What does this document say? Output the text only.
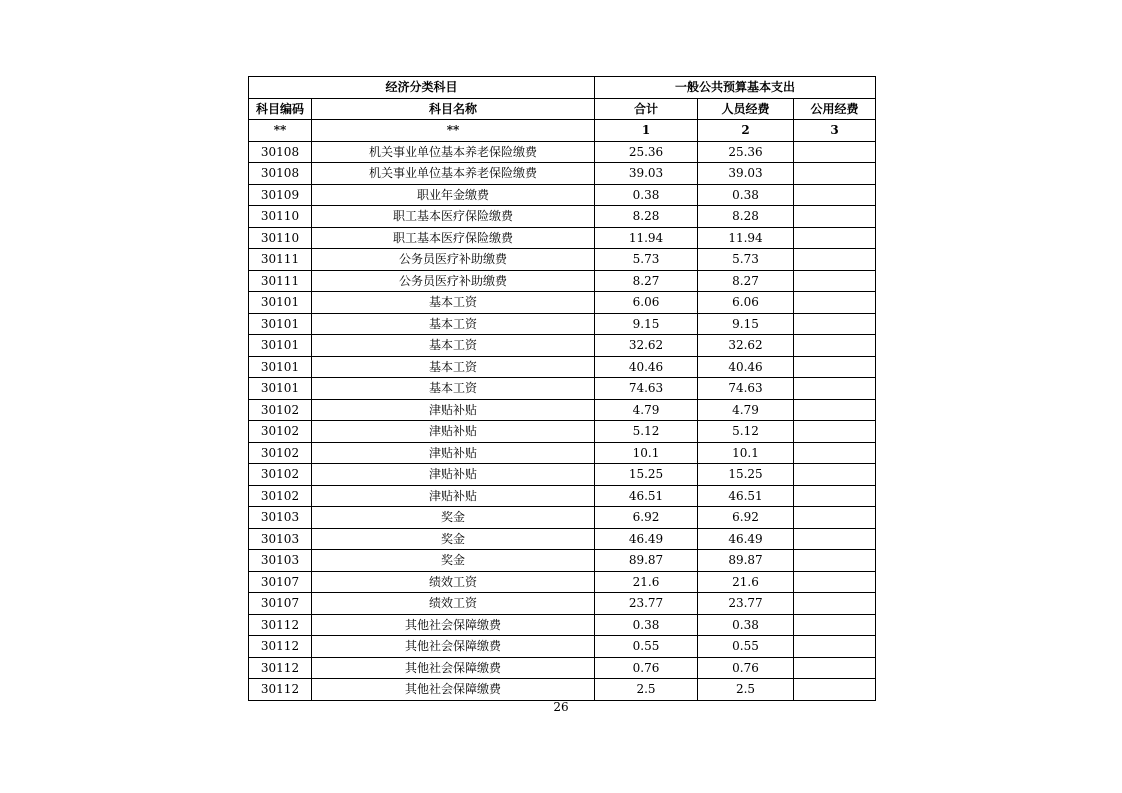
经济分类科目		一般公共预算基本支出		
科目编码	科目名称	合计	人员经费	公用经费
**	**	1	2	3
30108	机关事业单位基本养老保险缴费	25.36	25.36	
30108	机关事业单位基本养老保险缴费	39.03	39.03	
30109	职业年金缴费	0.38	0.38	
30110	职工基本医疗保险缴费	8.28	8.28	
30110	职工基本医疗保险缴费	11.94	11.94	
30111	公务员医疗补助缴费	5.73	5.73	
30111	公务员医疗补助缴费	8.27	8.27	
30101	基本工资	6.06	6.06	
30101	基本工资	9.15	9.15	
30101	基本工资	32.62	32.62	
30101	基本工资	40.46	40.46	
30101	基本工资	74.63	74.63	
30102	津贴补贴	4.79	4.79	
30102	津贴补贴	5.12	5.12	
30102	津贴补贴	10.1	10.1	
30102	津贴补贴	15.25	15.25	
30102	津贴补贴	46.51	46.51	
30103	奖金	6.92	6.92	
30103	奖金	46.49	46.49	
30103	奖金	89.87	89.87	
30107	绩效工资	21.6	21.6	
30107	绩效工资	23.77	23.77	
30112	其他社会保障缴费	0.38	0.38	
30112	其他社会保障缴费	0.55	0.55	
30112	其他社会保障缴费	0.76	0.76	
30112	其他社会保障缴费	2.5	2.5	
26
